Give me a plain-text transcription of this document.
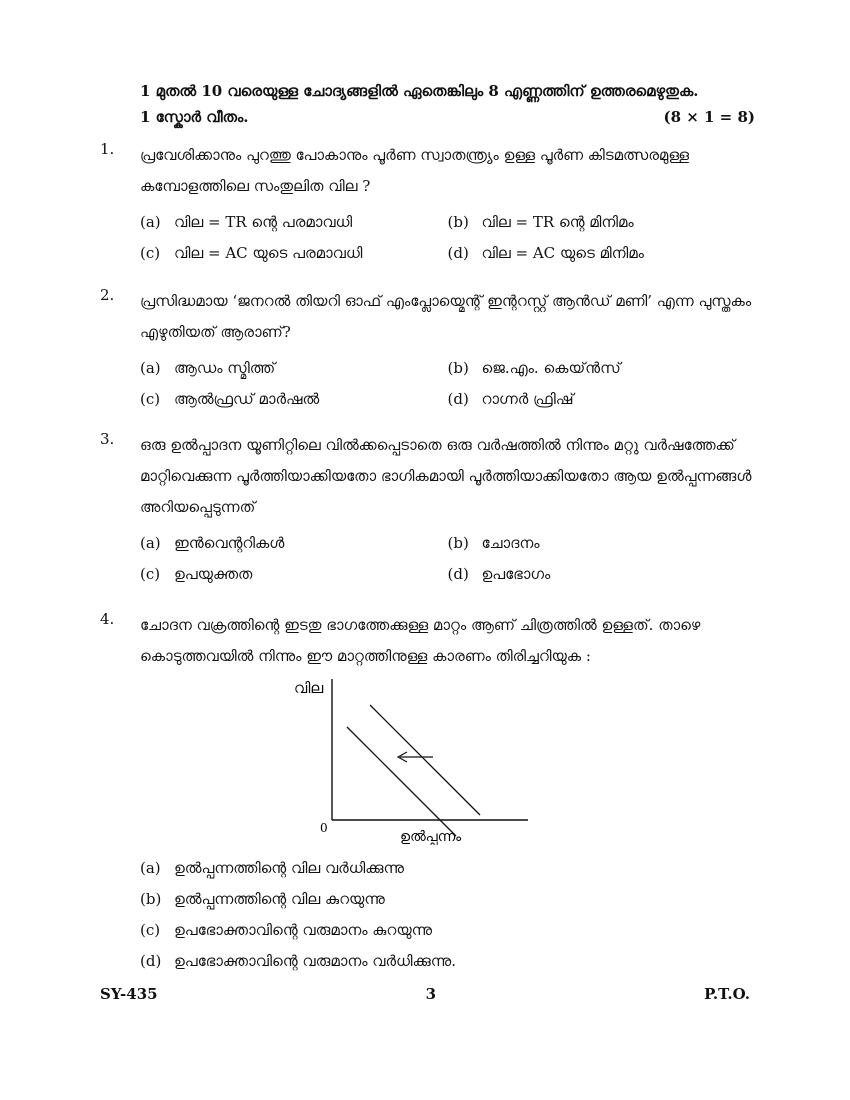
1 മുതൽ 10 വരെയുള്ള ചോദ്യങ്ങളിൽ ഏതെങ്കിലും 8 എണ്ണത്തിന് ഉത്തരമെഴുതുക.
1 സ്കോർ വീതം.	(8 × 1 = 8)
1.	പ്രവേശിക്കാനും പുറത്തു പോകാനും പൂർണ സ്വാതന്ത്ര്യം ഉള്ള പൂർണ കിടമത്സരമുള്ള കമ്പോളത്തിലെ സംതുലിത വില ?
(a) വില = TR ന്റെ പരമാവധി	(b) വില = TR ന്റെ മിനിമം
(c) വില = AC യുടെ പരമാവധി	(d) വില = AC യുടെ മിനിമം
2.	പ്രസിദ്ധമായ ‘ജനറൽ തിയറി ഓഫ് എംപ്ലോയ്മെന്റ് ഇന്ററസ്റ്റ് ആൻഡ് മണി’ എന്ന പുസ്തകം എഴുതിയത് ആരാണ്?
(a) ആഡം സ്മിത്ത്	(b) ജെ.എം. കെയ്ൻസ്
(c) ആൽഫ്രഡ് മാർഷൽ	(d) റാഗ്നർ ഫ്രിഷ്
3.	ഒരു ഉൽപ്പാദന യൂണിറ്റിലെ വിൽക്കപ്പെടാതെ ഒരു വർഷത്തിൽ നിന്നും മറ്റു വർഷത്തേക്ക് മാറ്റിവെക്കുന്ന പൂർത്തിയാക്കിയതോ ഭാഗികമായി പൂർത്തിയാക്കിയതോ ആയ ഉൽപ്പന്നങ്ങൾ അറിയപ്പെടുന്നത്
(a) ഇൻവെന്ററികൾ	(b) ചോദനം
(c) ഉപയുക്തത	(d) ഉപഭോഗം
4.	ചോദന വക്രത്തിന്റെ ഇടതു ഭാഗത്തേക്കുള്ള മാറ്റം ആണ് ചിത്രത്തിൽ ഉള്ളത്. താഴെ കൊടുത്തവയിൽ നിന്നും ഈ മാറ്റത്തിനുള്ള കാരണം തിരിച്ചറിയുക :
വില
0
ഉൽപ്പന്നം
(a) ഉൽപ്പന്നത്തിന്റെ വില വർധിക്കുന്നു
(b) ഉൽപ്പന്നത്തിന്റെ വില കുറയുന്നു
(c) ഉപഭോക്താവിന്റെ വരുമാനം കുറയുന്നു
(d) ഉപഭോക്താവിന്റെ വരുമാനം വർധിക്കുന്നു.
SY-435	3	P.T.O.
